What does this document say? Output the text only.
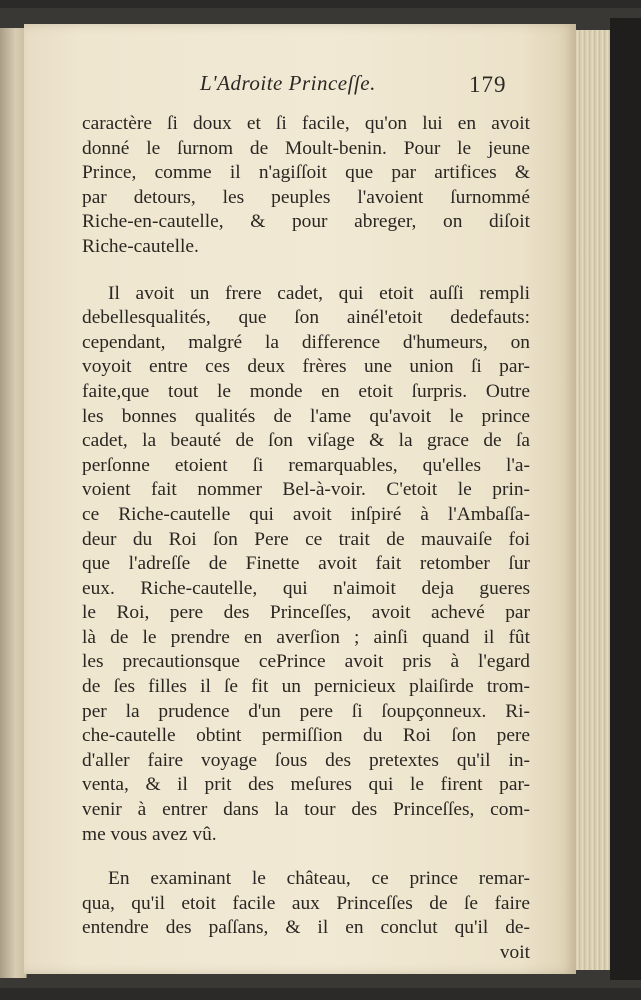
L'Adroite Princeſſe.	179
caractère ſi doux et ſi facile, qu'on lui en avoit
donné le ſurnom de Moult-benin. Pour le jeune
Prince, comme il n'agiſſoit que par artifices &
par detours, les peuples l'avoient ſurnommé
Riche-en-cautelle, & pour abreger, on diſoit
Riche-cautelle.
Il avoit un frere cadet, qui etoit auſſi rempli
debellesqualités, que ſon ainél'etoit dedefauts:
cependant, malgré la difference d'humeurs, on
voyoit entre ces deux frères une union ſi par-
faite,que tout le monde en etoit ſurpris. Outre
les bonnes qualités de l'ame qu'avoit le prince
cadet, la beauté de ſon viſage & la grace de ſa
perſonne etoient ſi remarquables, qu'elles l'a-
voient fait nommer Bel-à-voir. C'etoit le prin-
ce Riche-cautelle qui avoit inſpiré à l'Ambaſſa-
deur du Roi ſon Pere ce trait de mauvaiſe foi
que l'adreſſe de Finette avoit fait retomber ſur
eux. Riche-cautelle, qui n'aimoit deja gueres
le Roi, pere des Princeſſes, avoit achevé par
là de le prendre en averſion ; ainſi quand il fût
les precautionsque cePrince avoit pris à l'egard
de ſes filles il ſe fit un pernicieux plaiſirde trom-
per la prudence d'un pere ſi ſoupçonneux. Ri-
che-cautelle obtint permiſſion du Roi ſon pere
d'aller faire voyage ſous des pretextes qu'il in-
venta, & il prit des meſures qui le firent par-
venir à entrer dans la tour des Princeſſes, com-
me vous avez vû.
En examinant le château, ce prince remar-
qua, qu'il etoit facile aux Princeſſes de ſe faire
entendre des paſſans, & il en conclut qu'il de-
voit
